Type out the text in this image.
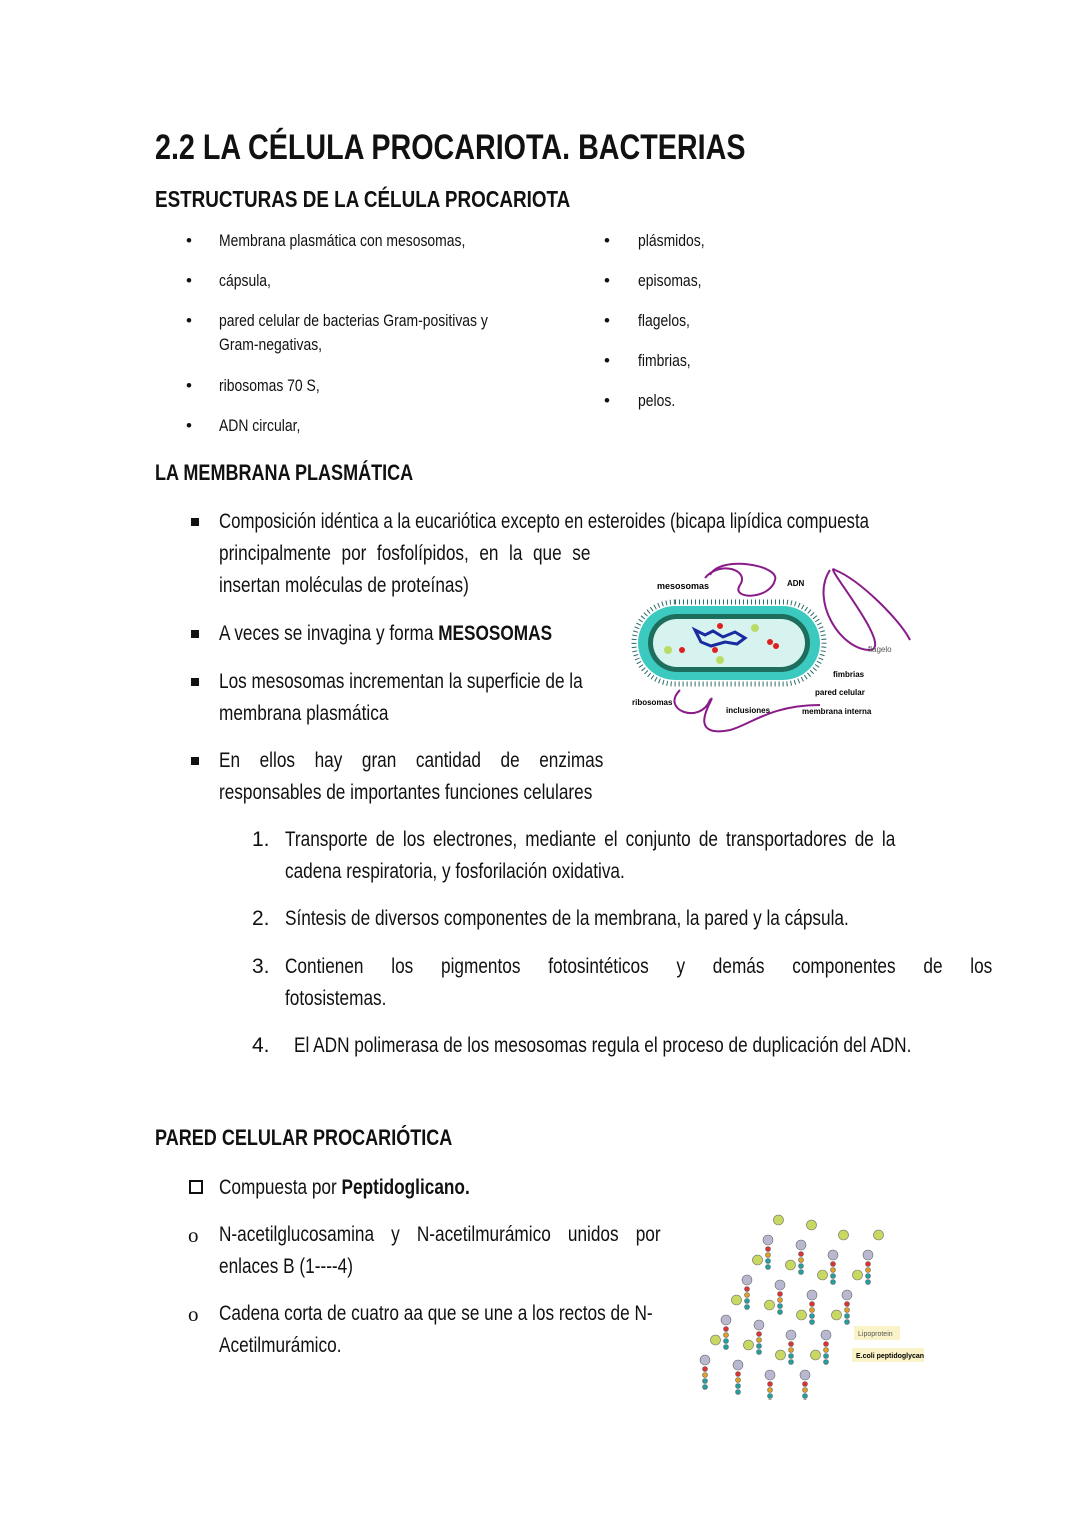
2.2 LA CÉLULA PROCARIOTA. BACTERIAS
ESTRUCTURAS DE LA CÉLULA PROCARIOTA
LA MEMBRANA PLASMÁTICA
Composición idéntica a la eucariótica excepto en esteroides (bicapa lipídica compuesta
principalmente por fosfolípidos, en la que se
insertan moléculas de proteínas)
A veces se invagina y forma MESOSOMAS
Los mesosomas incrementan la superficie de la
membrana plasmática
En ellos hay gran cantidad de enzimas
responsables de importantes funciones celulares
mesosomas	ADN
flagelo
fimbrias
pared celular
ribosomas
inclusiones	membrana interna
PARED CELULAR PROCARIÓTICA
Compuesta por Peptidoglicano.
o N-acetilglucosamina y N-acetilmurámico unidos por
enlaces B (1----4)
o Cadena corta de cuatro aa que se une a los rectos de N-
Acetilmurámico.	Lipoprotein
E.coli peptidoglycan
• Membrana plasmática con mesosomas,
• cápsula,
• pared celular de bacterias Gram-positivas y
Gram-negativas,
• ribosomas 70 S,
• ADN circular,
• plásmidos,
• episomas,
• flagelos,
• fimbrias,
• pelos.
1. Transporte de los electrones, mediante el conjunto de transportadores de la
cadena respiratoria, y fosforilación oxidativa.
2. Síntesis de diversos componentes de la membrana, la pared y la cápsula.
3. Contienen los pigmentos fotosintéticos y demás componentes de los
fotosistemas.
4. El ADN polimerasa de los mesosomas regula el proceso de duplicación del ADN.
